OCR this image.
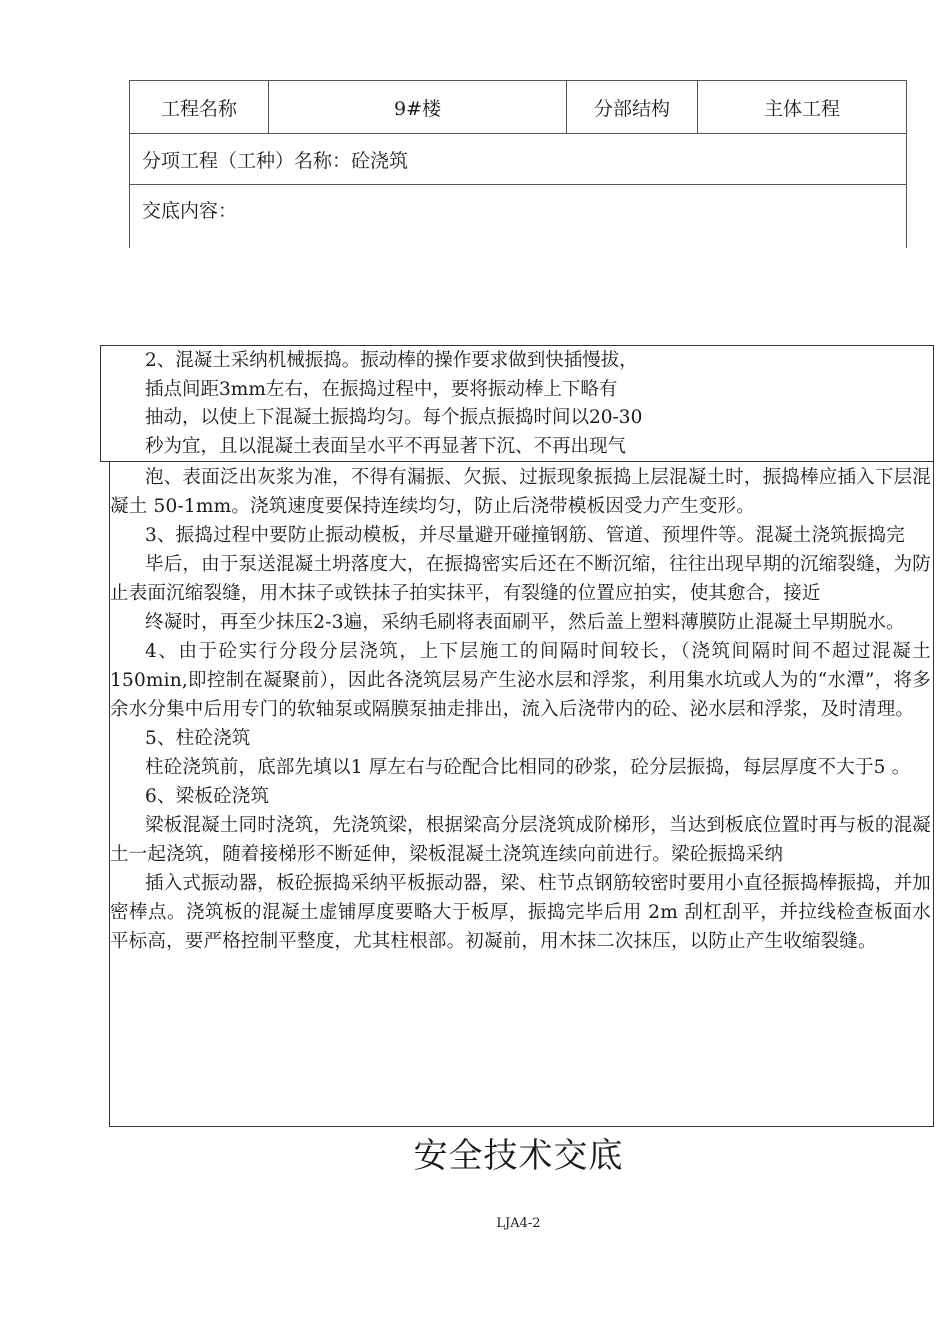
工程名称	9#楼	分部结构	主体工程
分项工程（工种）名称：砼浇筑
交底内容：
2、混凝土采纳机械振捣。振动棒的操作要求做到快插慢拔，
插点间距3mm左右，在振捣过程中，要将振动棒上下略有
抽动，以使上下混凝土振捣均匀。每个振点振捣时间以20-30
秒为宜，且以混凝土表面呈水平不再显著下沉、不再出现气

泡、表面泛出灰浆为准，不得有漏振、欠振、过振现象振捣上层混凝土时，振捣棒应插入下层混凝土 50-1mm。浇筑速度要保持连续均匀，防止后浇带模板因受力产生变形。

3、振捣过程中要防止振动模板，并尽量避开碰撞钢筋、管道、预埋件等。混凝土浇筑振捣完

毕后，由于泵送混凝土坍落度大，在振捣密实后还在不断沉缩，往往出现早期的沉缩裂缝，为防止表面沉缩裂缝，用木抹子或铁抹子拍实抹平，有裂缝的位置应拍实，使其愈合，接近

终凝时，再至少抹压2-3遍，采纳毛刷将表面刷平，然后盖上塑料薄膜防止混凝土早期脱水。

4、由于砼实行分段分层浇筑，上下层施工的间隔时间较长，（浇筑间隔时间不超过混凝土 150min,即控制在凝聚前），因此各浇筑层易产生泌水层和浮浆，利用集水坑或人为的“水潭”，将多余水分集中后用专门的软轴泵或隔膜泵抽走排出，流入后浇带内的砼、泌水层和浮浆，及时清理。

5、柱砼浇筑

柱砼浇筑前，底部先填以1 厚左右与砼配合比相同的砂浆，砼分层振捣，每层厚度不大于5 。

6、梁板砼浇筑

梁板混凝土同时浇筑，先浇筑梁，根据梁高分层浇筑成阶梯形，当达到板底位置时再与板的混凝土一起浇筑，随着接梯形不断延伸，梁板混凝土浇筑连续向前进行。梁砼振捣采纳

插入式振动器，板砼振捣采纳平板振动器，梁、柱节点钢筋较密时要用小直径振捣棒振捣，并加密棒点。浇筑板的混凝土虚铺厚度要略大于板厚，振捣完毕后用 2m 刮杠刮平，并拉线检查板面水平标高，要严格控制平整度，尤其柱根部。初凝前，用木抹二次抹压，以防止产生收缩裂缝。

安全技术交底
LJA4-2
